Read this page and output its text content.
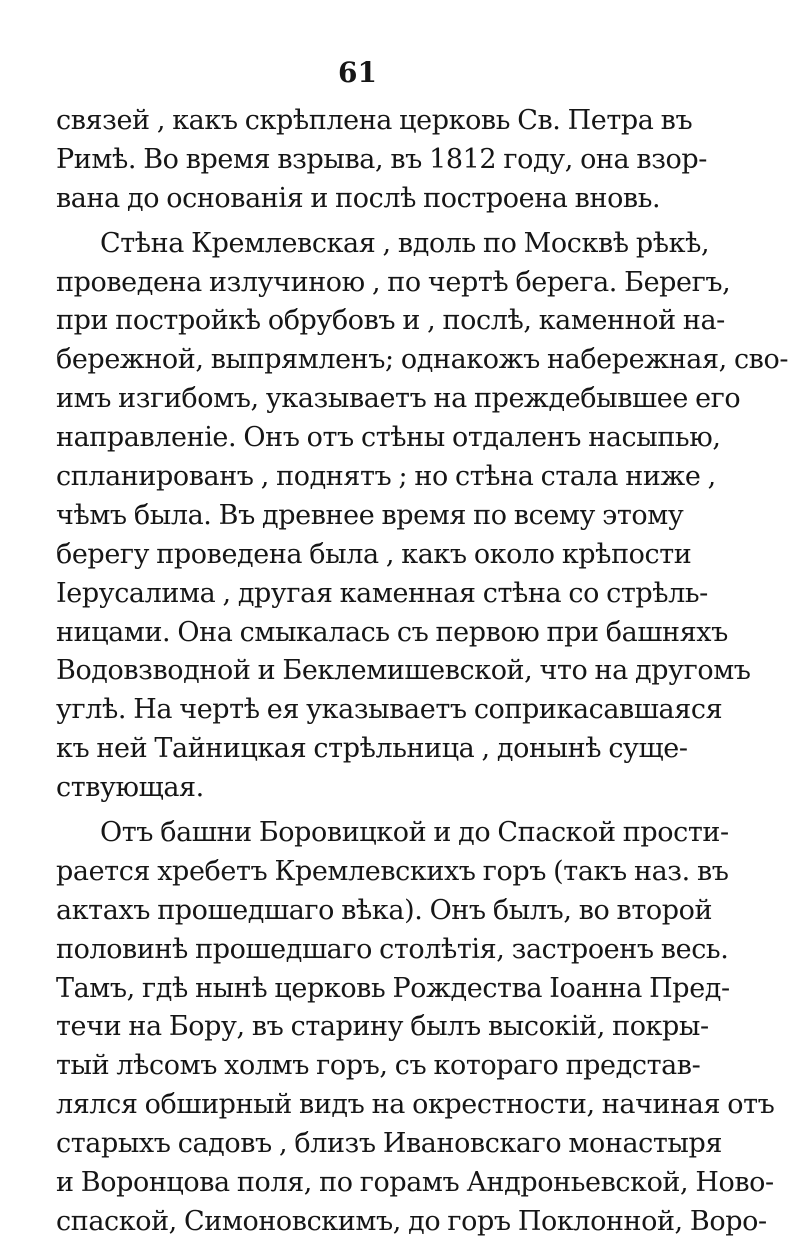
61
связей , какъ скрѣплена церковь Св. Петра въ
Римѣ. Во время взрыва, въ 1812 году, она взор-
вана до основанія и послѣ построена вновь.
Стѣна Кремлевская , вдоль по Москвѣ рѣкѣ,
проведена излучиною , по чертѣ берега. Берегъ,
при постройкѣ обрубовъ и , послѣ, каменной на-
бережной, выпрямленъ; однакожъ набережная, сво-
имъ изгибомъ, указываетъ на преждебывшее его
направленіе. Онъ отъ стѣны отдаленъ насыпью,
спланированъ , поднятъ ; но стѣна стала ниже ,
чѣмъ была. Въ древнее время по всему этому
берегу проведена была , какъ около крѣпости
Іерусалима , другая каменная стѣна со стрѣль-
ницами. Она смыкалась съ первою при башняхъ
Водовзводной и Беклемишевской, что на другомъ
углѣ. На чертѣ ея указываетъ соприкасавшаяся
къ ней Тайницкая стрѣльница , донынѣ суще-
ствующая.
Отъ башни Боровицкой и до Спаской прости-
рается хребетъ Кремлевскихъ горъ (такъ наз. въ
актахъ прошедшаго вѣка). Онъ былъ, во второй
половинѣ прошедшаго столѣтія, застроенъ весь.
Тамъ, гдѣ нынѣ церковь Рождества Іоанна Пред-
течи на Бору, въ старину былъ высокій, покры-
тый лѣсомъ холмъ горъ, съ котораго представ-
лялся обширный видъ на окрестности, начиная отъ
старыхъ садовъ , близъ Ивановскаго монастыря
и Воронцова поля, по горамъ Андроньевской, Ново-
спаской, Симоновскимъ, до горъ Поклонной, Воро-
